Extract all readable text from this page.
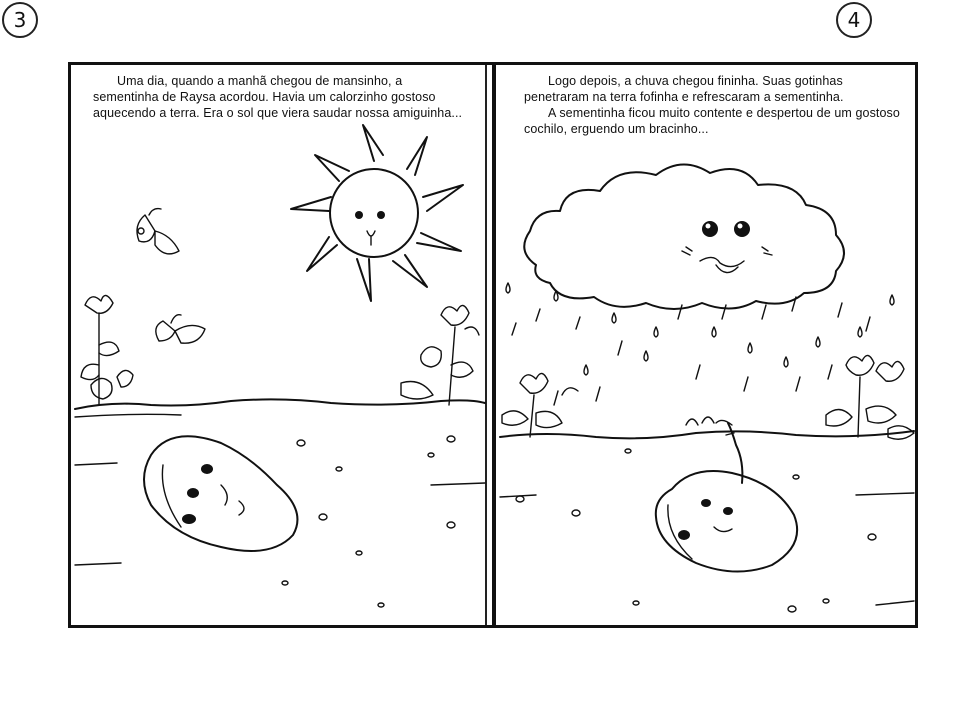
3	4

Uma dia, quando a manhã chegou de mansinho, a sementinha de Raysa acordou. Havia um calorzinho gostoso aquecendo a terra. Era o sol que viera saudar nossa amiguinha...

Logo depois, a chuva chegou fininha. Suas gotinhas penetraram na terra fofinha e refrescaram a sementinha.

A sementinha ficou muito contente e despertou de um gostoso cochilo, erguendo um bracinho...
